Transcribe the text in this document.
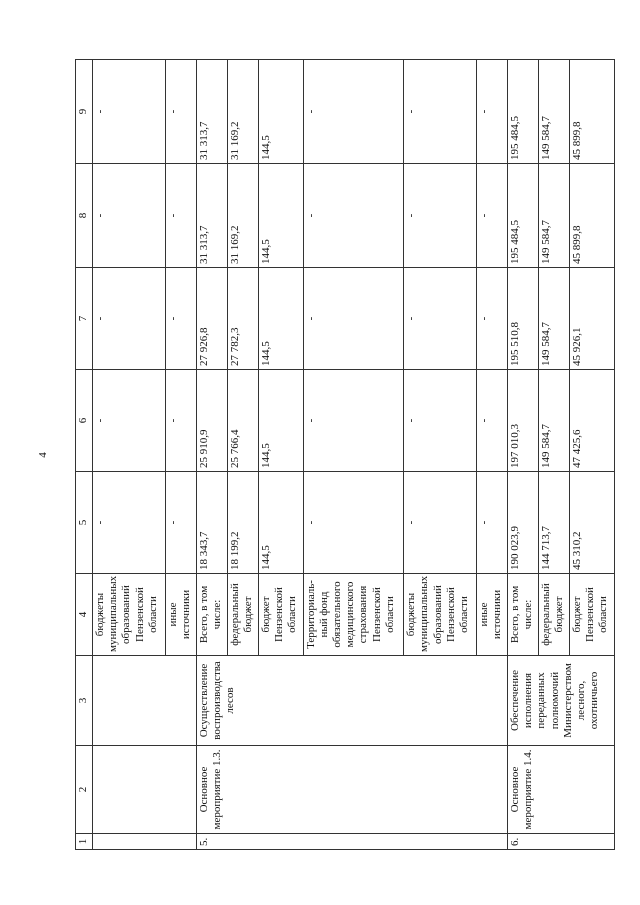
4
1	2	3	4	5	6	7	8	9
			бюджеты муниципальных образований Пензенской области	-	-	-	-	-
			иные источники	-	-	-	-	-
5.	Основное мероприятие 1.3.	Осуществление воспроизводства лесов	Всего, в том числе:	18 343,7	25 910,9	27 926,8	31 313,7	31 313,7
			федеральный бюджет	18 199,2	25 766,4	27 782,3	31 169,2	31 169,2
			бюджет Пензенской области	144,5	144,5	144,5	144,5	144,5
			Территориаль-ный фонд обязательного медицинского страхования Пензенской области	-	-	-	-	-
			бюджеты муниципальных образований Пензенской области	-	-	-	-	-
			иные источники	-	-	-	-	-
6.	Основное мероприятие 1.4.	Обеспечение исполнения переданных полномочий Министерством лесного, охотничьего	Всего, в том числе:	190 023,9	197 010,3	195 510,8	195 484,5	195 484,5
			федеральный бюджет	144 713,7	149 584,7	149 584,7	149 584,7	149 584,7
			бюджет Пензенской области	45 310,2	47 425,6	45 926,1	45 899,8	45 899,8
